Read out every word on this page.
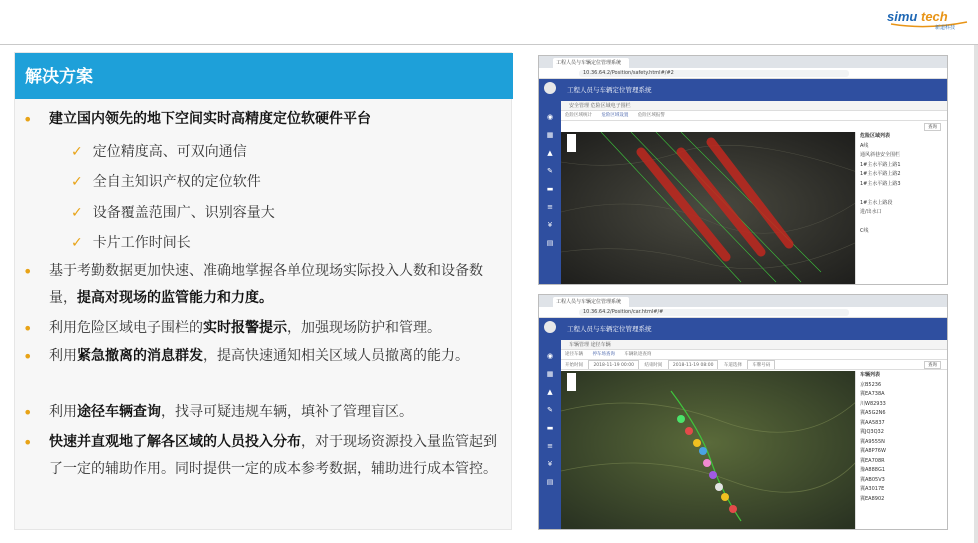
simu tech
新道科技
解决方案
• 建立国内领先的地下空间实时高精度定位软硬件平台
✓ 定位精度高、可双向通信
✓ 全自主知识产权的定位软件
✓ 设备覆盖范围广、识别容量大
✓ 卡片工作时间长
• 基于考勤数据更加快速、准确地掌握各单位现场实际投入人数和设备数量，提高对现场的监管能力和力度。
• 利用危险区域电子围栏的实时报警提示，加强现场防护和管理。
• 利用紧急撤离的消息群发，提高快速通知相关区域人员撤离的能力。
• 利用途径车辆查询，找寻可疑违规车辆，填补了管理盲区。
• 快速并直观地了解各区域的人员投入分布，对于现场资源投入量监管起到了一定的辅助作用。同时提供一定的成本参考数据，辅助进行成本管控。
工程人员与车辆定位管理系统
10.36.64.2/Position/safety.html#/#2
工程人员与车辆定位管理系统
◉
▦
▲
✎
▬
≡
¥
▤
安全管理 危险区域电子围栏
危险区域统计 危险区域设置 危险区域报警
查询
危险区域列表
A线
通风斜巷安全围栏
1#主水平路上路1
1#主水平路上路2
1#主水平路上路3
1#主水上路段
进/出水口
C线
工程人员与车辆定位管理系统
10.36.64.2/Position/car.html#/#
工程人员与车辆定位管理系统
◉
▦
▲
✎
▬
≡
¥
▤
车辆管理 途径车辆
途径车辆 停车场查询 车辆轨迹查询
开始时间 2018-11-19 00:00 结束时间 2018-11-19 08:00 车道选择 车牌号码	查询
车辆列表
京B5236
冀EA738A
川W82933
冀A5G2N6
冀AA5837
冀JQ3Q32
冀A9555N
冀A8P76W
冀EA708R
豫A888G1
冀AB05V3
冀A3017E
冀EA8902
